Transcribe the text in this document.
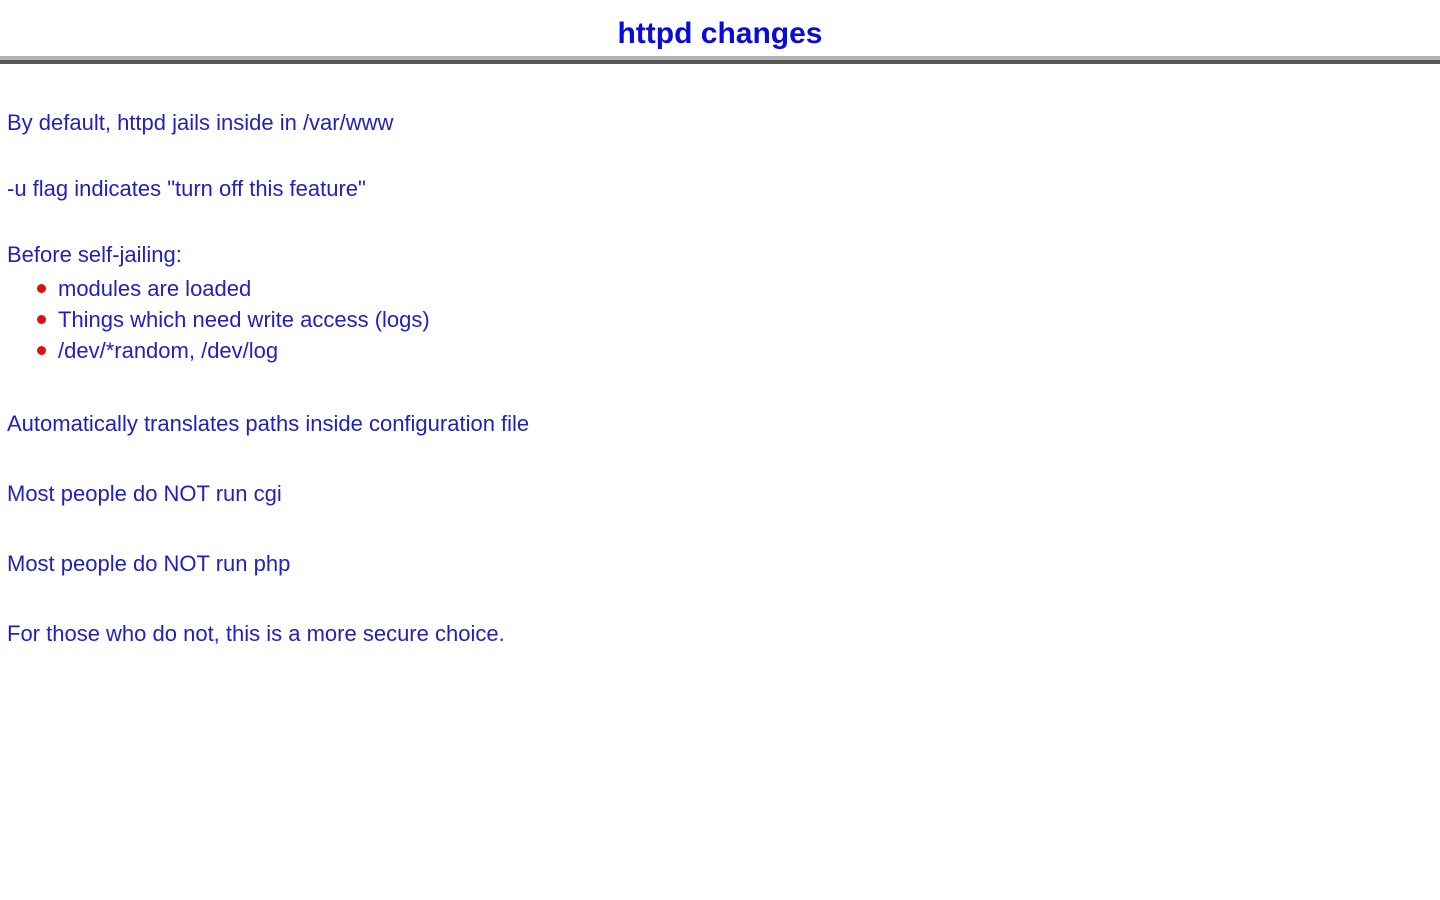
httpd changes

By default, httpd jails inside in /var/www

-u flag indicates "turn off this feature"

Before self-jailing:

modules are loaded
Things which need write access (logs)
/dev/*random, /dev/log

Automatically translates paths inside configuration file

Most people do NOT run cgi

Most people do NOT run php

For those who do not, this is a more secure choice.
